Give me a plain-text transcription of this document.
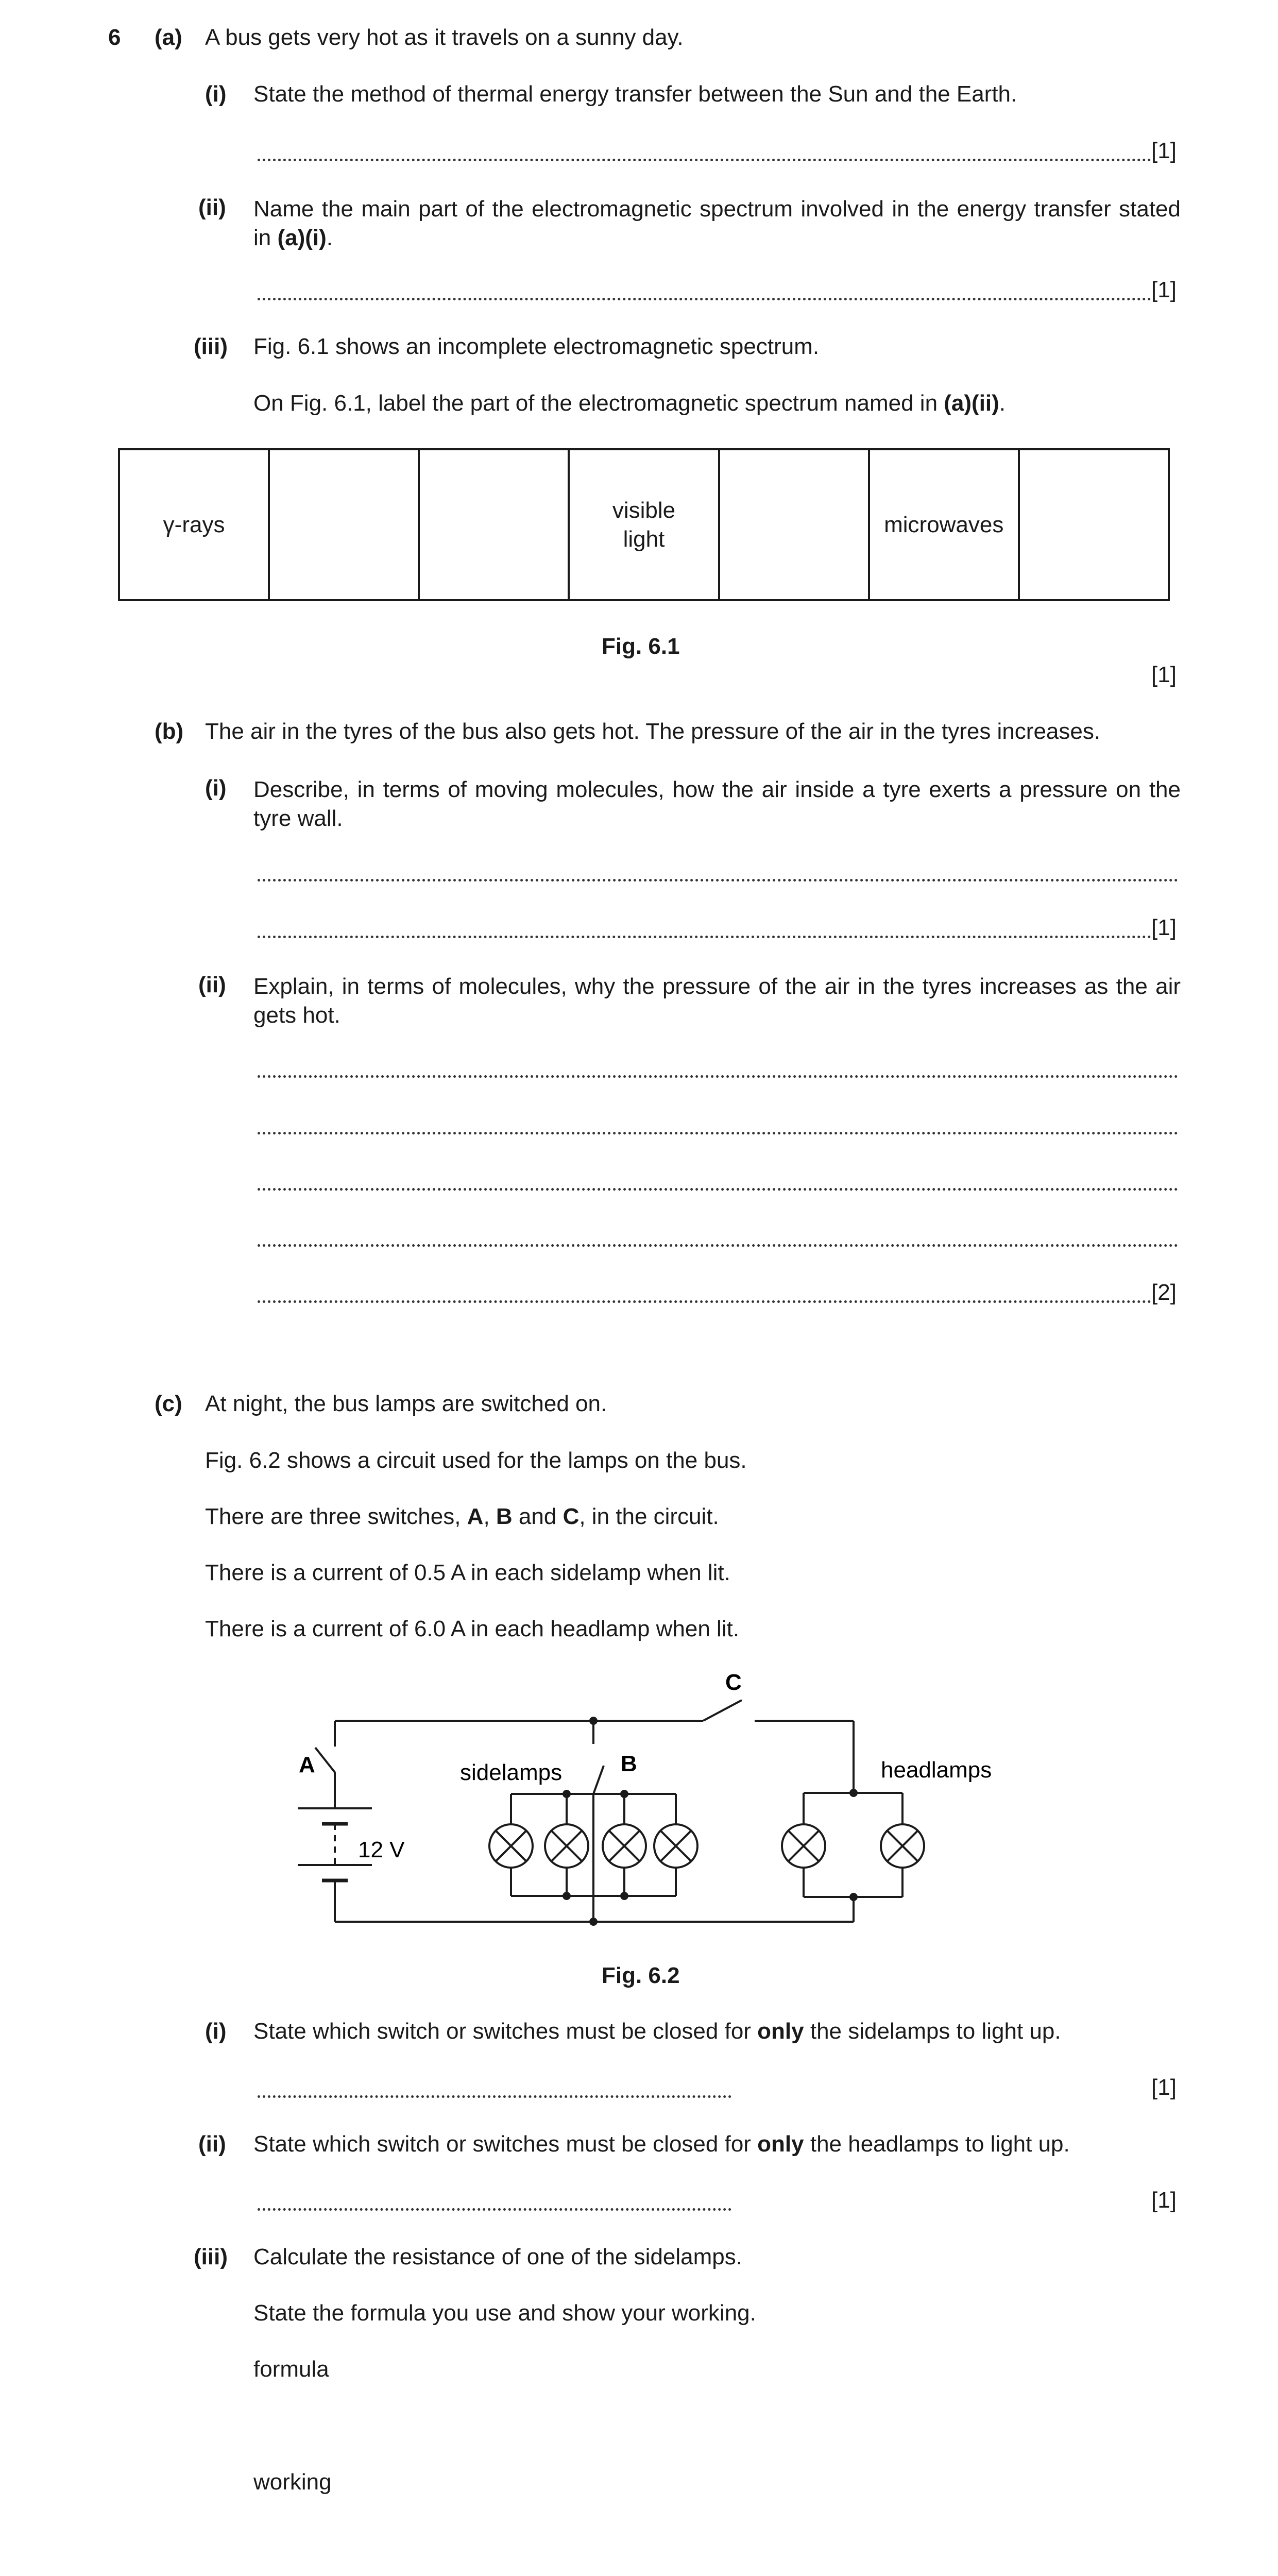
6 (a) A bus gets very hot as it travels on a sunny day.
(i) State the method of thermal energy transfer between the Sun and the Earth.
[1]
(ii) Name the main part of the electromagnetic spectrum involved in the energy transfer stated in (a)(i).
[1]
(iii) Fig. 6.1 shows an incomplete electromagnetic spectrum.
On Fig. 6.1, label the part of the electromagnetic spectrum named in (a)(ii).
γ-rays			visible light		microwaves	
Fig. 6.1
[1]
(b) The air in the tyres of the bus also gets hot. The pressure of the air in the tyres increases.
(i) Describe, in terms of moving molecules, how the air inside a tyre exerts a pressure on the tyre wall.
[1]
(ii) Explain, in terms of molecules, why the pressure of the air in the tyres increases as the air gets hot.
[2]
(c) At night, the bus lamps are switched on.
Fig. 6.2 shows a circuit used for the lamps on the bus.
There are three switches, A, B and C, in the circuit.
There is a current of 0.5 A in each sidelamp when lit.
There is a current of 6.0 A in each headlamp when lit.
A
C
B
sidelamps	headlamps
12 V
Fig. 6.2
(i) State which switch or switches must be closed for only the sidelamps to light up.
[1]
(ii) State which switch or switches must be closed for only the headlamps to light up.
[1]
(iii) Calculate the resistance of one of the sidelamps.
State the formula you use and show your working.
formula
working
